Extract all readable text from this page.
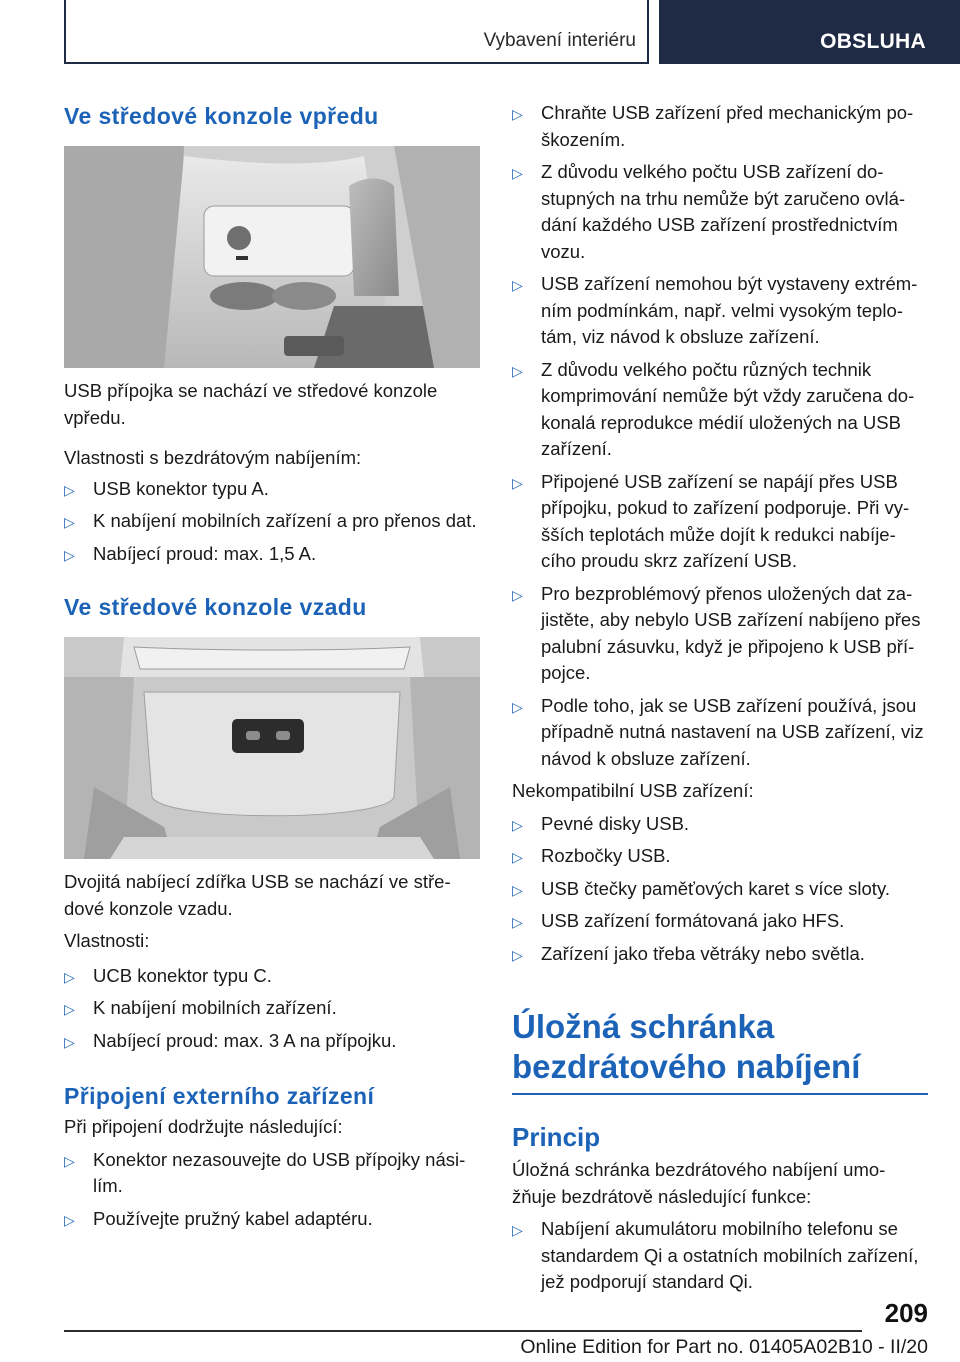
Vybavení interiéru	OBSLUHA
Ve středové konzole vpředu

USB přípojka se nachází ve středové konzole
vpředu.

Vlastnosti s bezdrátovým nabíjením:

▷ USB konektor typu A.
▷ K nabíjení mobilních zařízení a pro přenos dat.
▷ Nabíjecí proud: max. 1,5 A.
Ve středové konzole vzadu

Dvojitá nabíjecí zdířka USB se nachází ve stře-
dové konzole vzadu.

Vlastnosti:

▷ UCB konektor typu C.
▷ K nabíjení mobilních zařízení.
▷ Nabíjecí proud: max. 3 A na přípojku.
Připojení externího zařízení

Při připojení dodržujte následující:

▷ Konektor nezasouvejte do USB přípojky nási-
lím.
▷ Používejte pružný kabel adaptéru.
▷ Chraňte USB zařízení před mechanickým po-
škozením.
▷ Z důvodu velkého počtu USB zařízení do-
stupných na trhu nemůže být zaručeno ovlá-
dání každého USB zařízení prostřednictvím
vozu.
▷ USB zařízení nemohou být vystaveny extrém-
ním podmínkám, např. velmi vysokým teplo-
tám, viz návod k obsluze zařízení.
▷ Z důvodu velkého počtu různých technik
komprimování nemůže být vždy zaručena do-
konalá reprodukce médií uložených na USB
zařízení.
▷ Připojené USB zařízení se napájí přes USB
přípojku, pokud to zařízení podporuje. Při vy-
šších teplotách může dojít k redukci nabíje-
cího proudu skrz zařízení USB.
▷ Pro bezproblémový přenos uložených dat za-
jistěte, aby nebylo USB zařízení nabíjeno přes
palubní zásuvku, když je připojeno k USB pří-
pojce.
▷ Podle toho, jak se USB zařízení používá, jsou
případně nutná nastavení na USB zařízení, viz
návod k obsluze zařízení.

Nekompatibilní USB zařízení:

▷ Pevné disky USB.
▷ Rozbočky USB.
▷ USB čtečky paměťových karet s více sloty.
▷ USB zařízení formátovaná jako HFS.
▷ Zařízení jako třeba větráky nebo světla.
Úložná schránka
bezdrátového nabíjení
Princip

Úložná schránka bezdrátového nabíjení umo-
žňuje bezdrátově následující funkce:

▷ Nabíjení akumulátoru mobilního telefonu se
standardem Qi a ostatních mobilních zařízení,
jež podporují standard Qi.
209
Online Edition for Part no. 01405A02B10 - II/20
